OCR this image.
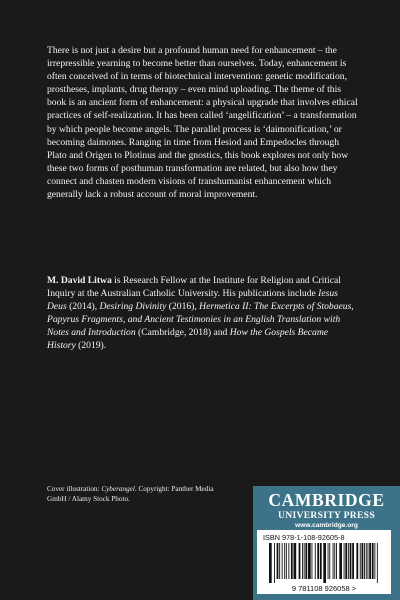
There is not just a desire but a profound human need for enhancement – the irrepressible yearning to become better than ourselves. Today, enhancement is often conceived of in terms of biotechnical intervention: genetic modification, prostheses, implants, drug therapy – even mind uploading. The theme of this book is an ancient form of enhancement: a physical upgrade that involves ethical practices of self-realization. It has been called ‘angelification’ – a transformation by which people become angels. The parallel process is ‘daimonification,’ or becoming daimones. Ranging in time from Hesiod and Empedocles through Plato and Origen to Plotinus and the gnostics, this book explores not only how these two forms of posthuman transformation are related, but also how they connect and chasten modern visions of transhumanist enhancement which generally lack a robust account of moral improvement.

M. David Litwa is Research Fellow at the Institute for Religion and Critical Inquiry at the Australian Catholic University. His publications include Iesus Deus (2014), Desiring Divinity (2016), Hermetica II: The Excerpts of Stobaeus, Papyrus Fragments, and Ancient Testimonies in an English Translation with Notes and Introduction (Cambridge, 2018) and How the Gospels Became History (2019).

Cover illustration: Cyberangel. Copyright: Panther Media GmbH / Alamy Stock Photo.	CAMBRIDGE
UNIVERSITY PRESS
www.cambridge.org
ISBN 978-1-108-92605-8
9 781108 926058 >
